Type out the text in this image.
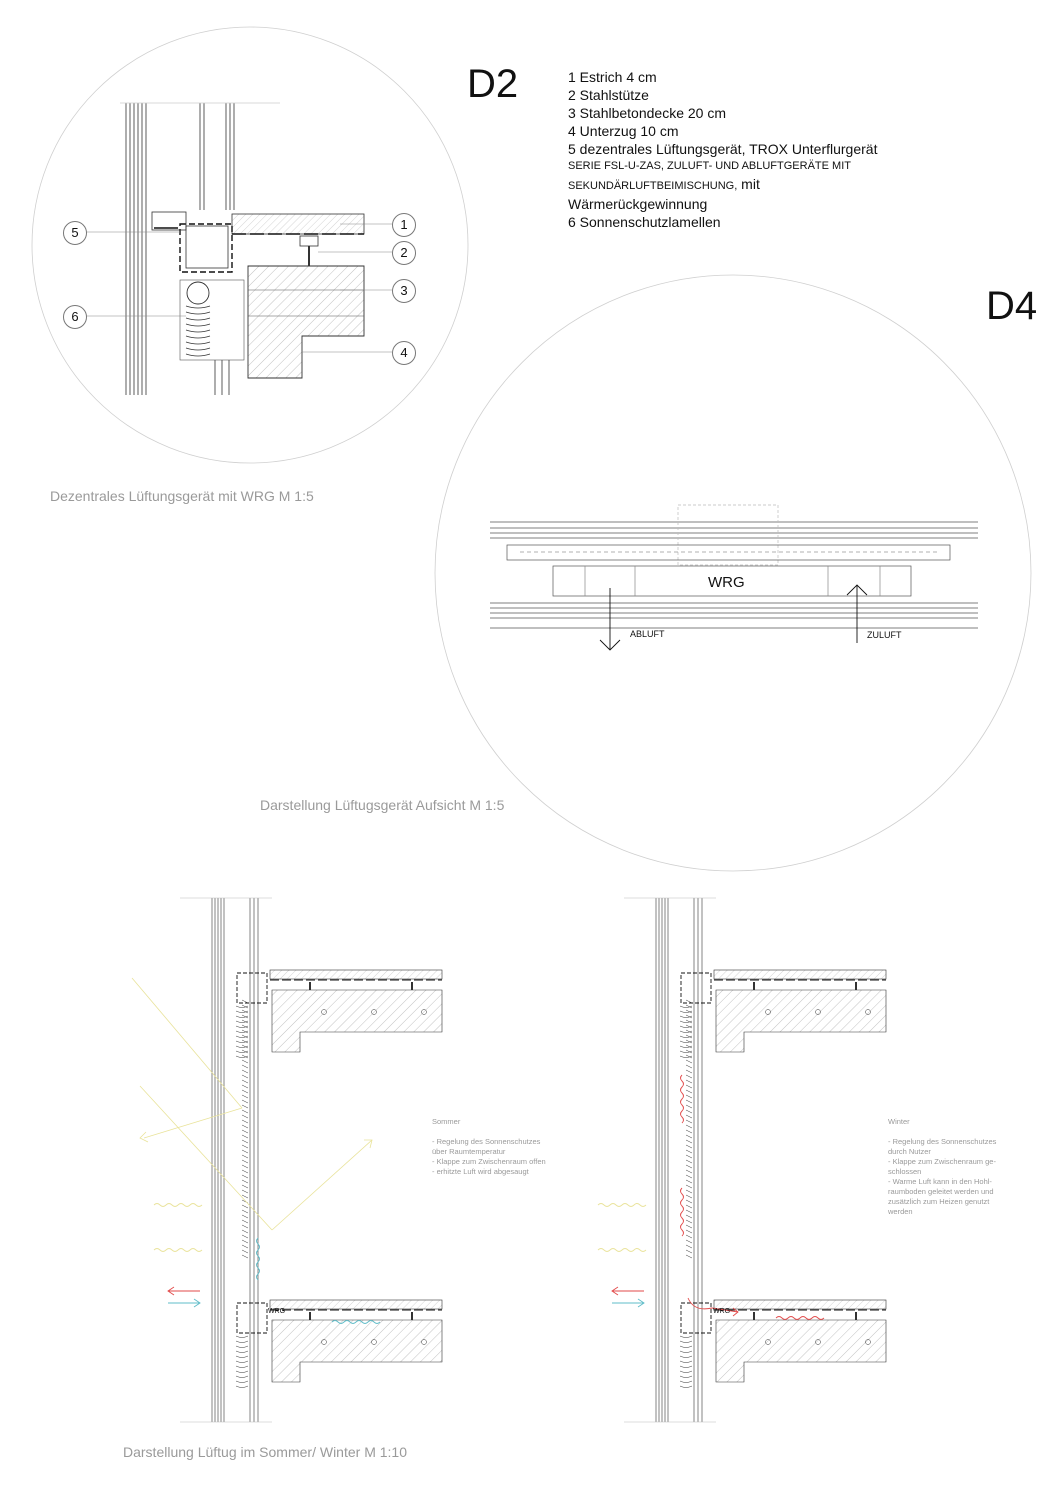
D2
D4
1 Estrich 4 cm
2 Stahlstütze
3 Stahlbetondecke 20 cm
4 Unterzug 10 cm
5 dezentrales Lüftungsgerät, TROX Unterflurgerät
SERIE FSL-U-ZAS, ZULUFT- UND ABLUFTGERÄTE MIT
SEKUNDÄRLUFTBEIMISCHUNG, mit
Wärmerückgewinnung
6 Sonnenschutzlamellen
5
6
1
2
3
4
Dezentrales Lüftungsgerät mit WRG M 1:5
WRG
ABLUFT	ZULUFT
Darstellung Lüftugsgerät Aufsicht M 1:5
WRG	WRG
Sommer
- Regelung des Sonnenschutzes
über Raumtemperatur
- Klappe zum Zwischenraum offen
- erhitzte Luft wird abgesaugt
Winter
- Regelung des Sonnenschutzes
durch Nutzer
- Klappe zum Zwischenraum ge-
schlossen
- Warme Luft kann in den Hohl-
raumboden geleitet werden und
zusätzlich zum Heizen genutzt
werden
Darstellung Lüftug im Sommer/ Winter M 1:10
